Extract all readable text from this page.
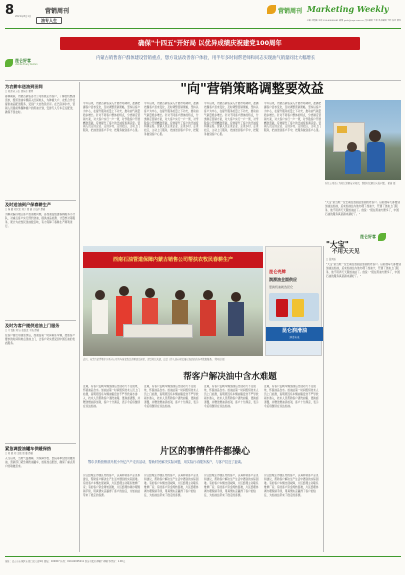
8 2021年8月1日
营销周刊
油专人生
营销周刊 Marketing Weekly
主编 刘慎敏 电话 010-63690041 邮箱 yxzk@cnpc.com.cn 责任编辑 王莉 美术编辑 王晔 校对 唐亮
确保"十四五"开好局 以优异成绩庆祝建党100周年
昆仑好客
uSmile Every Kunlun
内蒙古销售客户群体建设营销重点，想方设法改善客户体验，用半年多时间帮老师和同志实现油气销量同比大幅增长
为农耕车送油到田间
□ 刘洪睿 万红 黄佳伟 董博
春耕期间，内蒙古销售各分公司积极走访客户，了解农机燃油需求，组织送油车辆深入田间地头，为种植大户、农机合作社提供油品配送服务，受到广大农牧民好评。在巴彦淖尔市，营销人员提前掌握种植户的用油计划，安排专人专车定点配送，确保不误农时。
及时送油到户保春耕生产
□ 杨 璐 刘汉龙 刘宇 周 鑫 许海洋 撰稿
为解决偏远地区客户加油难问题，各加油站组建春耕服务小分队，对重点客户实行预约送油，提供油品检测、计量核对等服务，累计为农牧民送油数百吨，有力保障了春耕生产顺利进行。
及时为客户提供送油上门服务
□ 王书路 刘 钰 张跃龙 王梅 撰稿
在客户提出用油需求后，加油站第一时间联系车辆，按照客户要求的时间和地点送油上门，让客户切实感受到中国石油的优质服务。
紧急调拨油罐车供暖保热
□ 刘 斌 刘 文斌 周 璐 撰稿
入冬以来，当地气温骤降，为保障学校、医院等单位的供暖用油，营销部门紧急调拨油罐车，加班加点配送，确保了重点用户的取暖需求。
"向"营销策略调整要效益
今年以来，内蒙古销售深入开展市场调研，准确把握客户需求变化，及时调整营销策略，坚持以客户为中心，在提升服务质量上下功夫，推动油气销量稳步增长。针对不同客户群体的特点，分类制定营销方案，对大客户实行一户一策，对零散客户开展精准营销，有效提升了客户的忠诚度和满意度。营销人员走进企业、走进乡村、走进社区，主动上门服务，把油送到客户手中，把服务做到客户心里。
今年以来，内蒙古销售深入开展市场调研，准确把握客户需求变化，及时调整营销策略，坚持以客户为中心，在提升服务质量上下功夫，推动油气销量稳步增长。针对不同客户群体的特点，分类制定营销方案，对大客户实行一户一策，对零散客户开展精准营销，有效提升了客户的忠诚度和满意度。营销人员走进企业、走进乡村、走进社区，主动上门服务，把油送到客户手中，把服务做到客户心里。
今年以来，内蒙古销售深入开展市场调研，准确把握客户需求变化，及时调整营销策略，坚持以客户为中心，在提升服务质量上下功夫，推动油气销量稳步增长。针对不同客户群体的特点，分类制定营销方案，对大客户实行一户一策，对零散客户开展精准营销，有效提升了客户的忠诚度和满意度。营销人员走进企业、走进乡村、走进社区，主动上门服务，把油送到客户手中，把服务做到客户心里。
今年以来，内蒙古销售深入开展市场调研，准确把握客户需求变化，及时调整营销策略，坚持以客户为中心，在提升服务质量上下功夫，推动油气销量稳步增长。针对不同客户群体的特点，分类制定营销方案，对大客户实行一户一策，对零散客户开展精准营销，有效提升了客户的忠诚度和满意度。营销人员走进企业、走进乡村、走进社区，主动上门服务，把油送到客户手中，把服务做到客户心里。
石化公司员工为村民讲解安全知识，帮助村民解决实际问题。 柏树 摄
"大宝"是当地一位长期在加油站加油的老客户。以前他每天都要到加油站加油，后来加油站为他办理了加油卡，开通了送油上门服务，他不用再天天跑加油站了。他说："现在用油方便多了，中国石油的服务真是越来越好了。"
昆仑好客
西南石油管道保障内蒙古销售公司帮扶农牧民春耕生产
昆仑壳牌
润滑油全面供应
更换机油就选昆仑
昆仑润滑油
润滑未来
"大宝"
不用天天见
□ 高凤娇
"大宝"是当地一位长期在加油站加油的老客户。以前他每天都要到加油站加油，后来加油站为他办理了加油卡，开通了送油上门服务，他不用再天天跑加油站了。他说："现在用油方便多了，中国石油的服务真是越来越好了。"
近日，内蒙古销售鄂尔多斯分公司为当地农牧民讲解油品知识，深受村民欢迎，这是工作人员向村民展示加油站的各项优惠服务。 郭兆祺 摄
帮客户解决油中含水难题
近期，有客户反映车辆加油后出现动力不足现象，怀疑油品含水。加油站第一时间组织技术人员上门检测，查明原因系车辆油箱密封不严导致雨水渗入，技术人员帮助客户清洗油箱、更换滤清器，并赠送燃油添加剂，客户十分满意，表示今后将继续在该站加油。
近期，有客户反映车辆加油后出现动力不足现象，怀疑油品含水。加油站第一时间组织技术人员上门检测，查明原因系车辆油箱密封不严导致雨水渗入，技术人员帮助客户清洗油箱、更换滤清器，并赠送燃油添加剂，客户十分满意，表示今后将继续在该站加油。
近期，有客户反映车辆加油后出现动力不足现象，怀疑油品含水。加油站第一时间组织技术人员上门检测，查明原因系车辆油箱密封不严导致雨水渗入，技术人员帮助客户清洗油箱、更换滤清器，并赠送燃油添加剂，客户十分满意，表示今后将继续在该站加油。
近期，有客户反映车辆加油后出现动力不足现象，怀疑油品含水。加油站第一时间组织技术人员上门检测，查明原因系车辆油箱密封不严导致雨水渗入，技术人员帮助客户清洗油箱、更换滤清器，并赠送燃油添加剂，客户十分满意，表示今后将继续在该站加油。
片区的事情件件都操心
鄂尔多斯营销部开展小外亿户户走访活动，帮助村民解决实际问题，用实际行动服务客户，与客户拉近了距离。
片区经理走访辖区内的客户，认真听取客户意见和建议，帮助客户解决生产生活中遇到的实际困难。有的客户车辆出现故障，片区经理主动联系维修厂家；有的客户资金周转困难，片区经理协调办理赊销手续，用真情实意赢得了客户的信任，为加油站带来了稳定的客源。
片区经理走访辖区内的客户，认真听取客户意见和建议，帮助客户解决生产生活中遇到的实际困难。有的客户车辆出现故障，片区经理主动联系维修厂家；有的客户资金周转困难，片区经理协调办理赊销手续，用真情实意赢得了客户的信任，为加油站带来了稳定的客源。
片区经理走访辖区内的客户，认真听取客户意见和建议，帮助客户解决生产生活中遇到的实际困难。有的客户车辆出现故障，片区经理主动联系维修厂家；有的客户资金周转困难，片区经理协调办理赊销手续，用真情实意赢得了客户的信任，为加油站带来了稳定的客源。
片区经理走访辖区内的客户，认真听取客户意见和建议，帮助客户解决生产生活中遇到的实际困难。有的客户车辆出现故障，片区经理主动联系维修厂家；有的客户资金周转困难，片区经理协调办理赊销手续，用真情实意赢得了客户的信任，为加油站带来了稳定的客源。
地址：北京市东城区东直门北大街9号 邮编：100007 传真：010-62095211 经济日报社印刷厂印刷 零售价：1.00元
